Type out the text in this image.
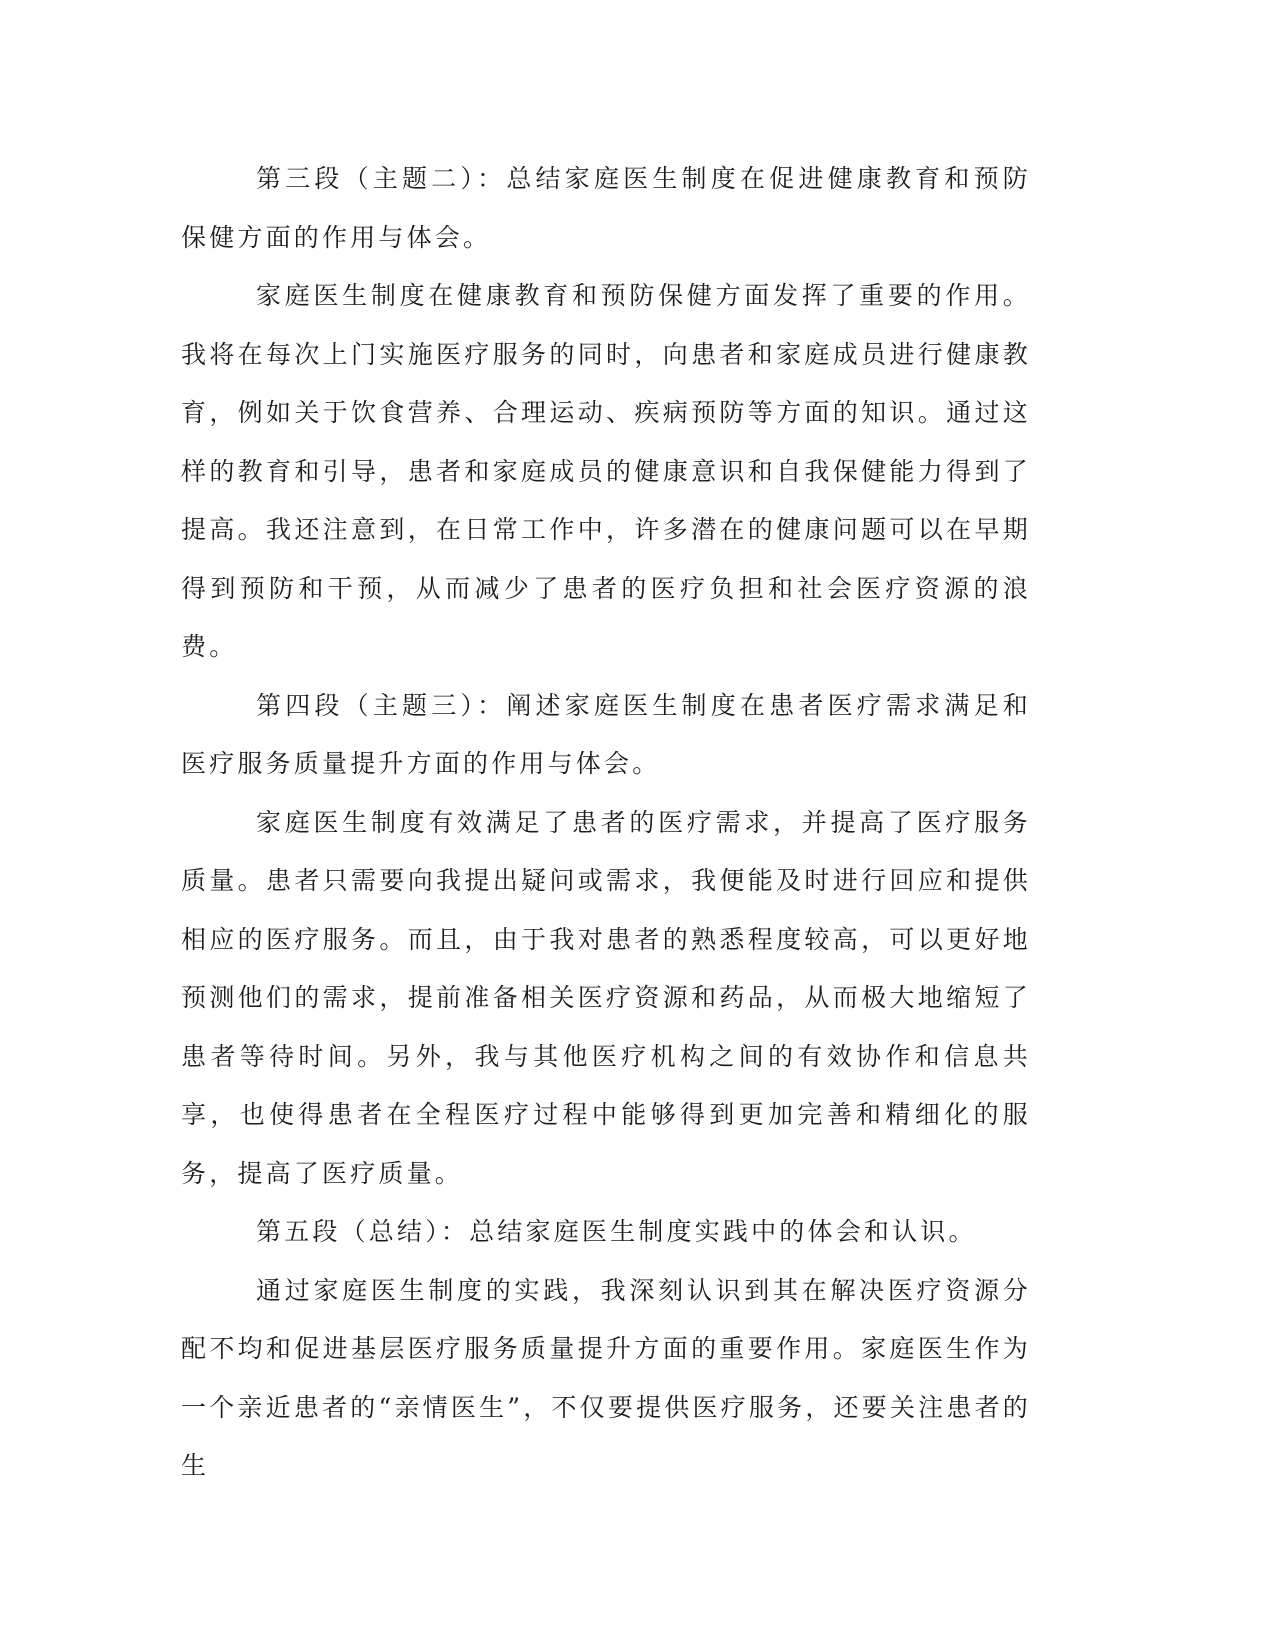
第三段（主题二）：总结家庭医生制度在促进健康教育和预防保健方面的作用与体会。

家庭医生制度在健康教育和预防保健方面发挥了重要的作用。我将在每次上门实施医疗服务的同时，向患者和家庭成员进行健康教育，例如关于饮食营养、合理运动、疾病预防等方面的知识。通过这样的教育和引导，患者和家庭成员的健康意识和自我保健能力得到了提高。我还注意到，在日常工作中，许多潜在的健康问题可以在早期得到预防和干预，从而减少了患者的医疗负担和社会医疗资源的浪费。

第四段（主题三）：阐述家庭医生制度在患者医疗需求满足和医疗服务质量提升方面的作用与体会。

家庭医生制度有效满足了患者的医疗需求，并提高了医疗服务质量。患者只需要向我提出疑问或需求，我便能及时进行回应和提供相应的医疗服务。而且，由于我对患者的熟悉程度较高，可以更好地预测他们的需求，提前准备相关医疗资源和药品，从而极大地缩短了患者等待时间。另外，我与其他医疗机构之间的有效协作和信息共享，也使得患者在全程医疗过程中能够得到更加完善和精细化的服务，提高了医疗质量。

第五段（总结）：总结家庭医生制度实践中的体会和认识。

通过家庭医生制度的实践，我深刻认识到其在解决医疗资源分配不均和促进基层医疗服务质量提升方面的重要作用。家庭医生作为一个亲近患者的“亲情医生”，不仅要提供医疗服务，还要关注患者的生
